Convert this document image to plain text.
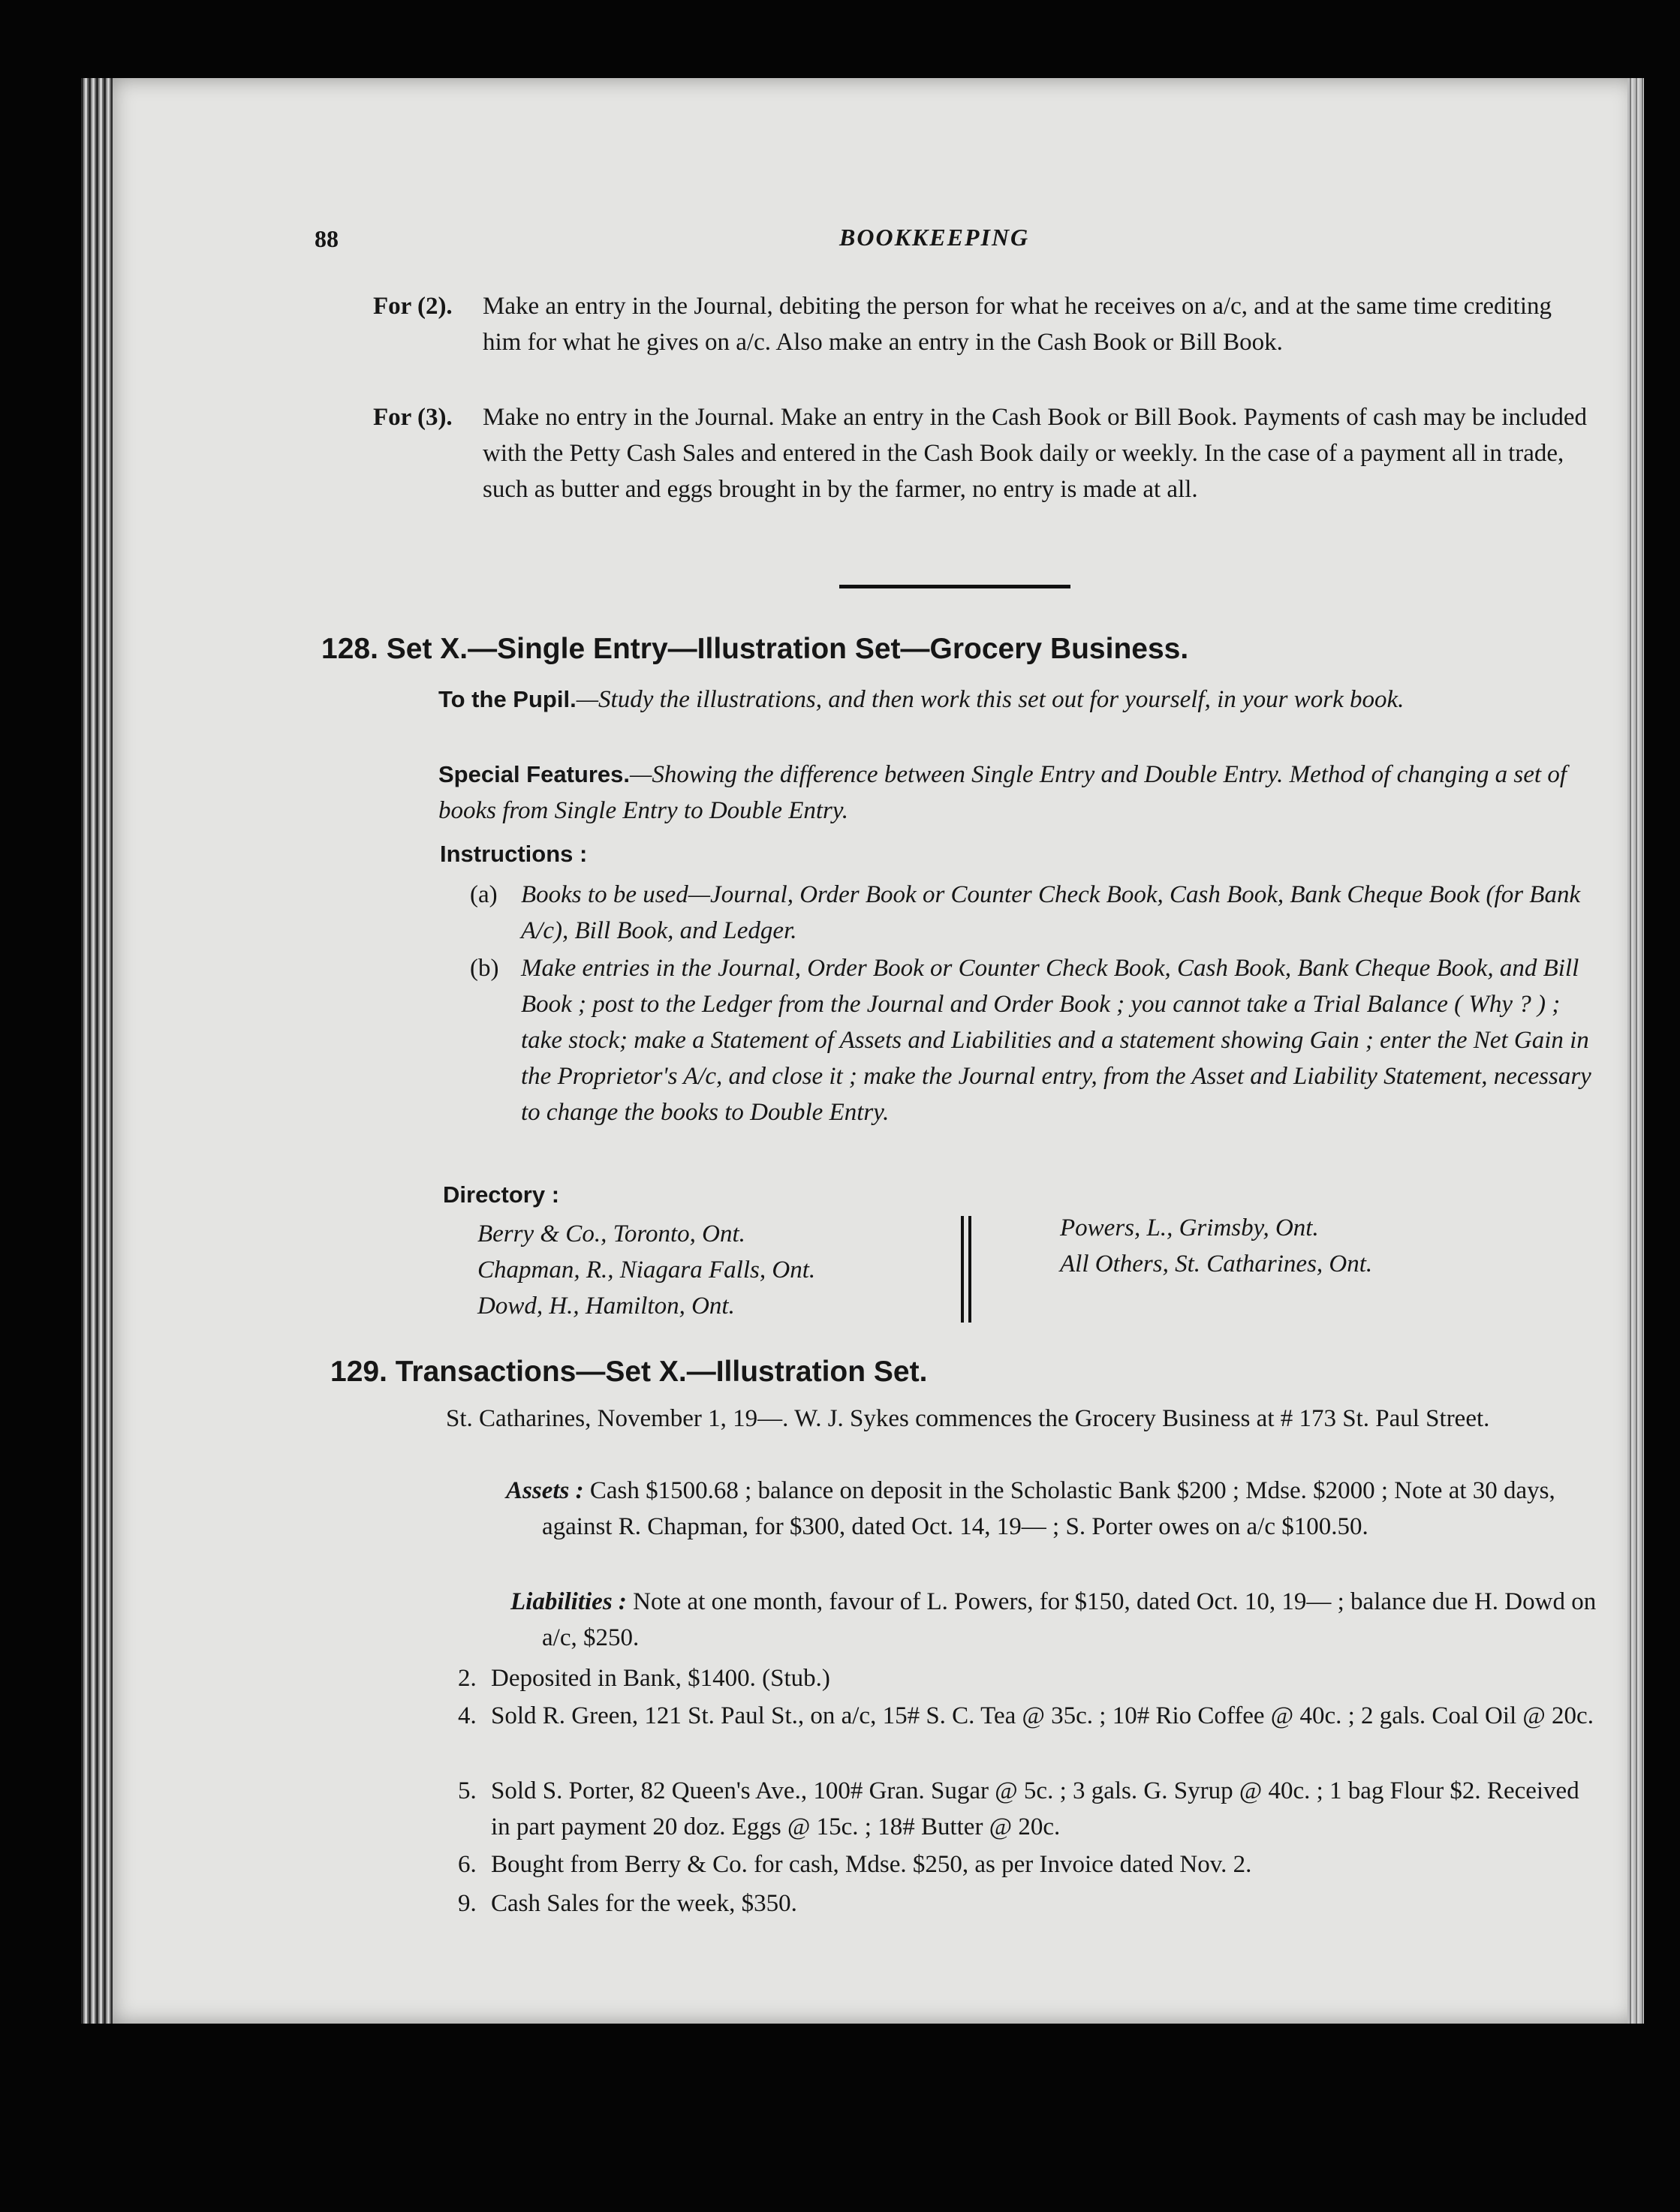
88	BOOKKEEPING
For (2). Make an entry in the Journal, debiting the person for what he receives on a/c, and at the same time crediting him for what he gives on a/c. Also make an entry in the Cash Book or Bill Book.

For (3).	Make no entry in the Journal. Make an entry in the Cash Book or Bill Book. Payments of cash may be included with the Petty Cash Sales and entered in the Cash Book daily or weekly. In the case of a payment all in trade, such as butter and eggs brought in by the farmer, no entry is made at all.

128. Set X.—Single Entry—Illustration Set—Grocery Business.
To the Pupil.—Study the illustrations, and then work this set out for yourself, in your work book.
Special Features.—Showing the difference between Single Entry and Double Entry. Method of changing a set of books from Single Entry to Double Entry.
Instructions :
(a) Books to be used—Journal, Order Book or Counter Check Book, Cash Book, Bank Cheque Book (for Bank A/c), Bill Book, and Ledger.

(b) Make entries in the Journal, Order Book or Counter Check Book, Cash Book, Bank Cheque Book, and Bill Book ; post to the Ledger from the Journal and Order Book ; you cannot take a Trial Balance ( Why ? ) ; take stock; make a Statement of Assets and Liabilities and a statement showing Gain ; enter the Net Gain in the Proprietor's A/c, and close it ; make the Journal entry, from the Asset and Liability Statement, necessary to change the books to Double Entry.

Directory :
Berry & Co., Toronto, Ont.
Chapman, R., Niagara Falls, Ont.
Dowd, H., Hamilton, Ont.
Powers, L., Grimsby, Ont.
All Others, St. Catharines, Ont.
129. Transactions—Set X.—Illustration Set.

St. Catharines, November 1, 19—. W. J. Sykes commences the Grocery Business at # 173 St. Paul Street.

Assets : Cash $1500.68 ; balance on deposit in the Scholastic Bank $200 ; Mdse. $2000 ; Note at 30 days, against R. Chapman, for $300, dated Oct. 14, 19— ; S. Porter owes on a/c $100.50.

Liabilities : Note at one month, favour of L. Powers, for $150, dated Oct. 10, 19— ; balance due H. Dowd on a/c, $250.

2. Deposited in Bank, $1400. (Stub.)

4. Sold R. Green, 121 St. Paul St., on a/c, 15# S. C. Tea @ 35c. ; 10# Rio Coffee @ 40c. ; 2 gals. Coal Oil @ 20c.

5. Sold S. Porter, 82 Queen's Ave., 100# Gran. Sugar @ 5c. ; 3 gals. G. Syrup @ 40c. ; 1 bag Flour $2. Received in part payment 20 doz. Eggs @ 15c. ; 18# Butter @ 20c.

6. Bought from Berry & Co. for cash, Mdse. $250, as per Invoice dated Nov. 2.

9. Cash Sales for the week, $350.
